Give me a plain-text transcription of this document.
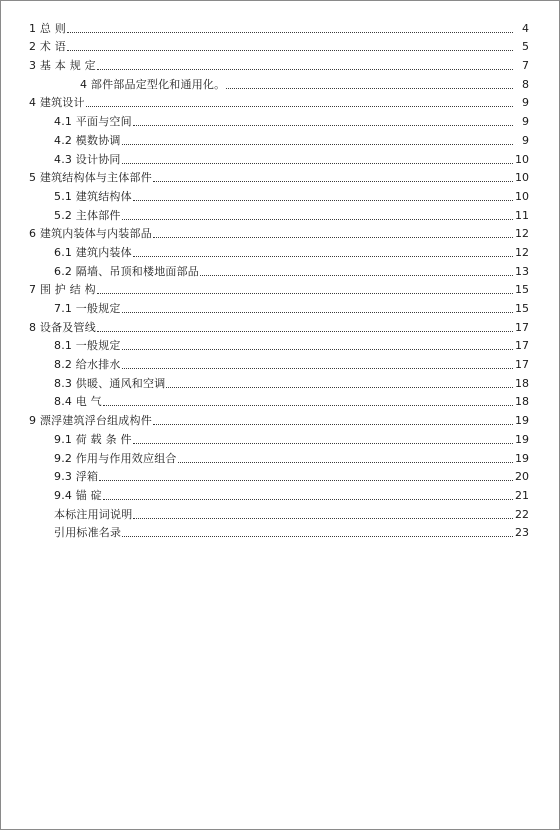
1 总 则	4
2 术 语	5
3 基 本 规 定	7
4 部件部品定型化和通用化。	8
4 建筑设计	9
4.1 平面与空间	9
4.2 模数协调	9
4.3 设计协同	10
5 建筑结构体与主体部件	10
5.1 建筑结构体	10
5.2 主体部件	11
6 建筑内装体与内装部品	12
6.1 建筑内装体	12
6.2 隔墙、吊顶和楼地面部品	13
7 围 护 结 构	15
7.1 一般规定	15
8 设备及管线	17
8.1 一般规定	17
8.2 给水排水	17
8.3 供暖、通风和空调	18
8.4 电 气	18
9 漂浮建筑浮台组成构件	19
9.1 荷 载 条 件	19
9.2 作用与作用效应组合	19
9.3 浮箱	20
9.4 锚 碇	21
本标注用词说明	22
引用标准名录	23
